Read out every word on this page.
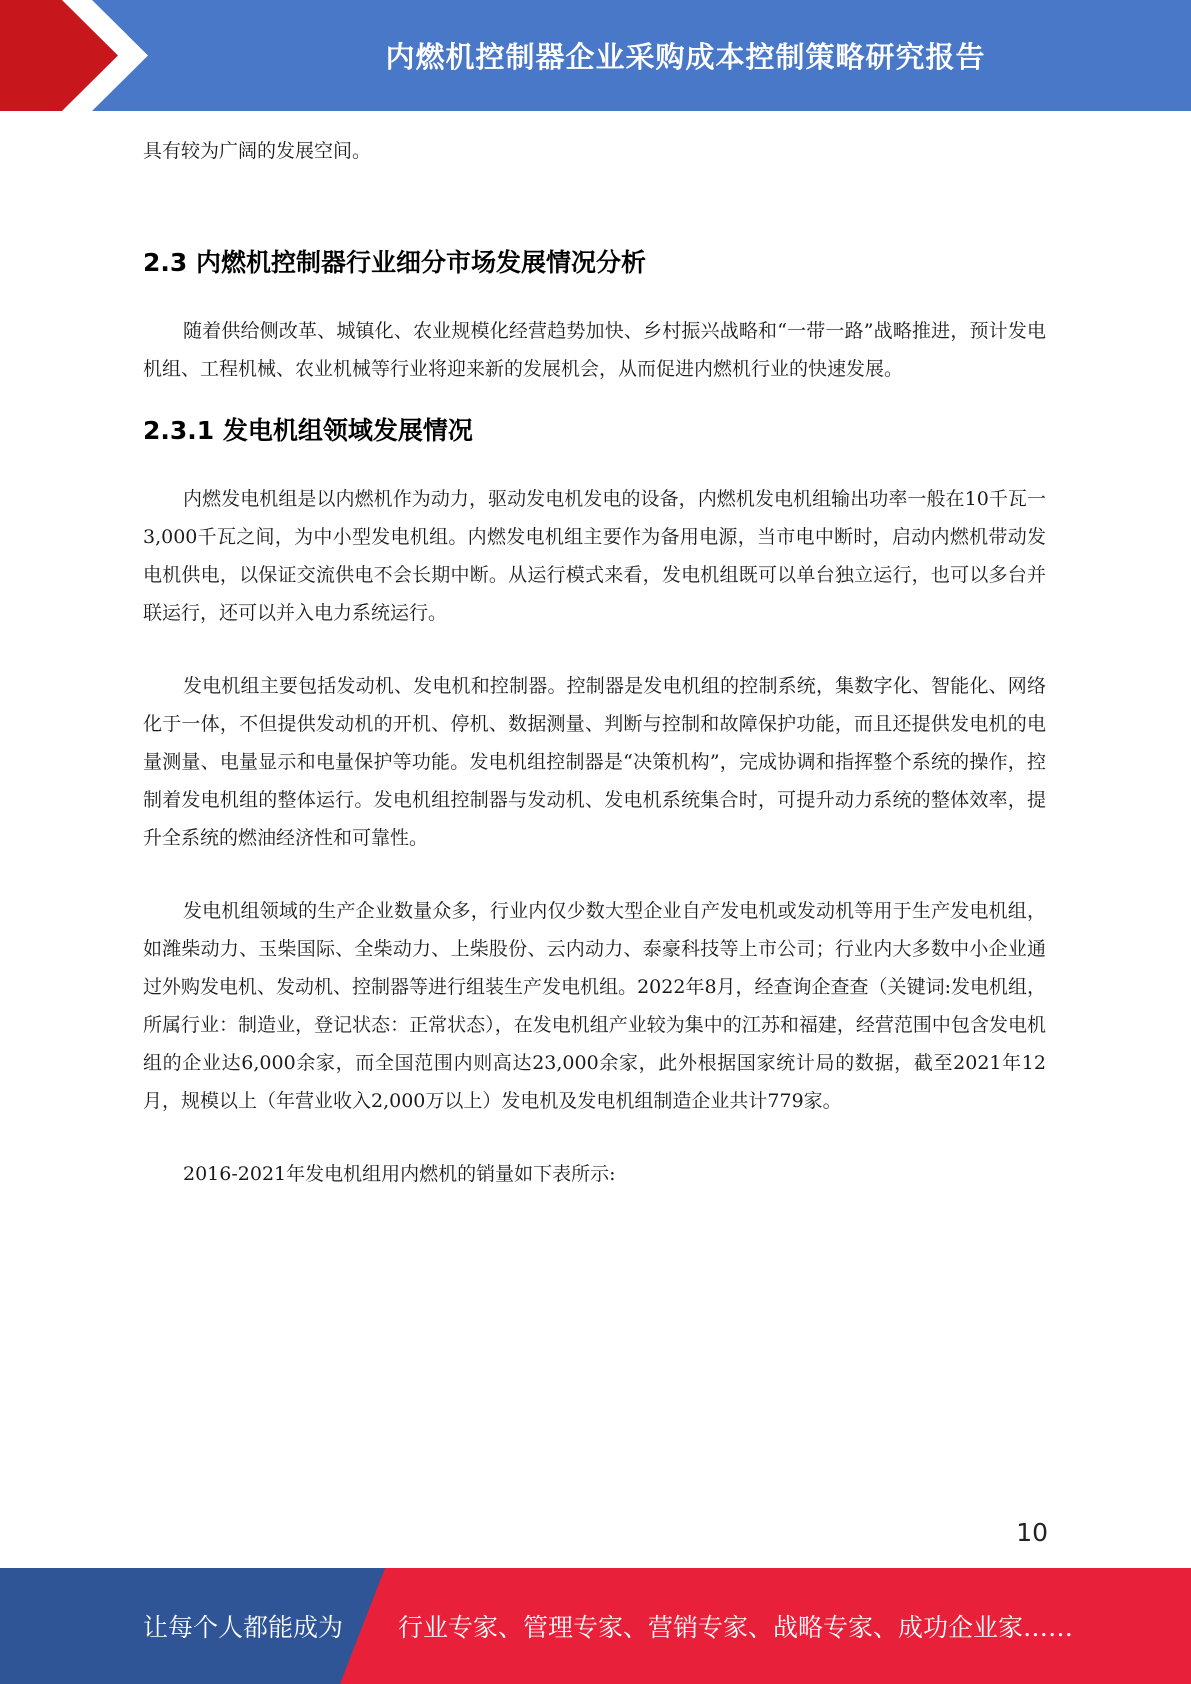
内燃机控制器企业采购成本控制策略研究报告

具有较为广阔的发展空间。

2.3 内燃机控制器行业细分市场发展情况分析

随着供给侧改革、城镇化、农业规模化经营趋势加快、乡村振兴战略和“一带一路”战略推进，预计发电机组、工程机械、农业机械等行业将迎来新的发展机会，从而促进内燃机行业的快速发展。

2.3.1 发电机组领域发展情况

内燃发电机组是以内燃机作为动力，驱动发电机发电的设备，内燃机发电机组输出功率一般在10千瓦一3,000千瓦之间，为中小型发电机组。内燃发电机组主要作为备用电源，当市电中断时，启动内燃机带动发电机供电，以保证交流供电不会长期中断。从运行模式来看，发电机组既可以单台独立运行，也可以多台并联运行，还可以并入电力系统运行。

发电机组主要包括发动机、发电机和控制器。控制器是发电机组的控制系统，集数字化、智能化、网络化于一体，不但提供发动机的开机、停机、数据测量、判断与控制和故障保护功能，而且还提供发电机的电量测量、电量显示和电量保护等功能。发电机组控制器是“决策机构”，完成协调和指挥整个系统的操作，控制着发电机组的整体运行。发电机组控制器与发动机、发电机系统集合时，可提升动力系统的整体效率，提升全系统的燃油经济性和可靠性。

发电机组领域的生产企业数量众多，行业内仅少数大型企业自产发电机或发动机等用于生产发电机组，如潍柴动力、玉柴国际、全柴动力、上柴股份、云内动力、泰豪科技等上市公司；行业内大多数中小企业通过外购发电机、发动机、控制器等进行组装生产发电机组。2022年8月，经查询企查查（关键词:发电机组，所属行业：制造业，登记状态：正常状态），在发电机组产业较为集中的江苏和福建，经营范围中包含发电机组的企业达6,000余家，而全国范围内则高达23,000余家，此外根据国家统计局的数据，截至2021年12月，规模以上（年营业收入2,000万以上）发电机及发电机组制造企业共计779家。

2016-2021年发电机组用内燃机的销量如下表所示:

10
让每个人都能成为 行业专家、管理专家、营销专家、战略专家、成功企业家……
